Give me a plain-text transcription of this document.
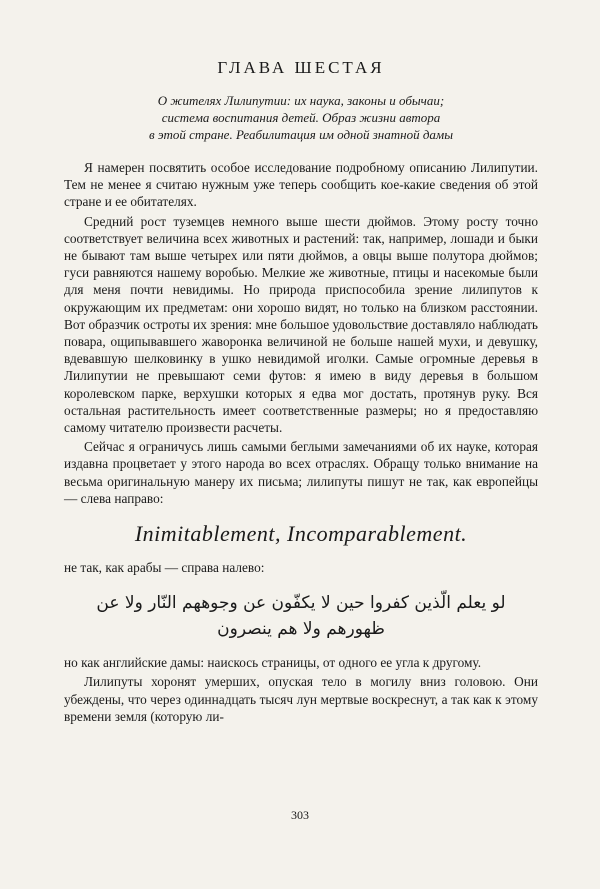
ГЛАВА ШЕСТАЯ
О жителях Лилипутии: их наука, законы и обычаи;
система воспитания детей. Образ жизни автора
в этой стране. Реабилитация им одной знатной дамы

Я намерен посвятить особое исследование подробному описанию Лилипутии. Тем не менее я считаю нужным уже теперь сообщить кое-какие сведения об этой стране и ее обитателях.

Средний рост туземцев немного выше шести дюймов. Этому росту точно соответствует величина всех животных и растений: так, например, лошади и быки не бывают там выше четырех или пяти дюймов, а овцы выше полутора дюймов; гуси равняются нашему воробью. Мелкие же животные, птицы и насекомые были для меня почти невидимы. Но природа приспособила зрение лилипутов к окружающим их предметам: они хорошо видят, но только на близком расстоянии. Вот образчик остроты их зрения: мне большое удовольствие доставляло наблюдать повара, ощипывавшего жаворонка величиной не больше нашей мухи, и девушку, вдевавшую шелковинку в ушко невидимой иголки. Самые огромные деревья в Лилипутии не превышают семи футов: я имею в виду деревья в большом королевском парке, верхушки которых я едва мог достать, протянув руку. Вся остальная растительность имеет соответственные размеры; но я предоставляю самому читателю произвести расчеты.

Сейчас я ограничусь лишь самыми беглыми замечаниями об их науке, которая издавна процветает у этого народа во всех отраслях. Обращу только внимание на весьма оригинальную манеру их письма; лилипуты пишут не так, как европейцы — слева направо:

Inimitablement, Incomparablement.

не так, как арабы — справа налево:

لو يعلم الّذين كفروا حين لا يكفّون عن وجوههم النّار ولا عن
ظهورهم ولا هم ينصرون

но как английские дамы: наискось страницы, от одного ее угла к другому.

Лилипуты хоронят умерших, опуская тело в могилу вниз головою. Они убеждены, что через одиннадцать тысяч лун мертвые воскреснут, а так как к этому времени земля (которую ли-

303
